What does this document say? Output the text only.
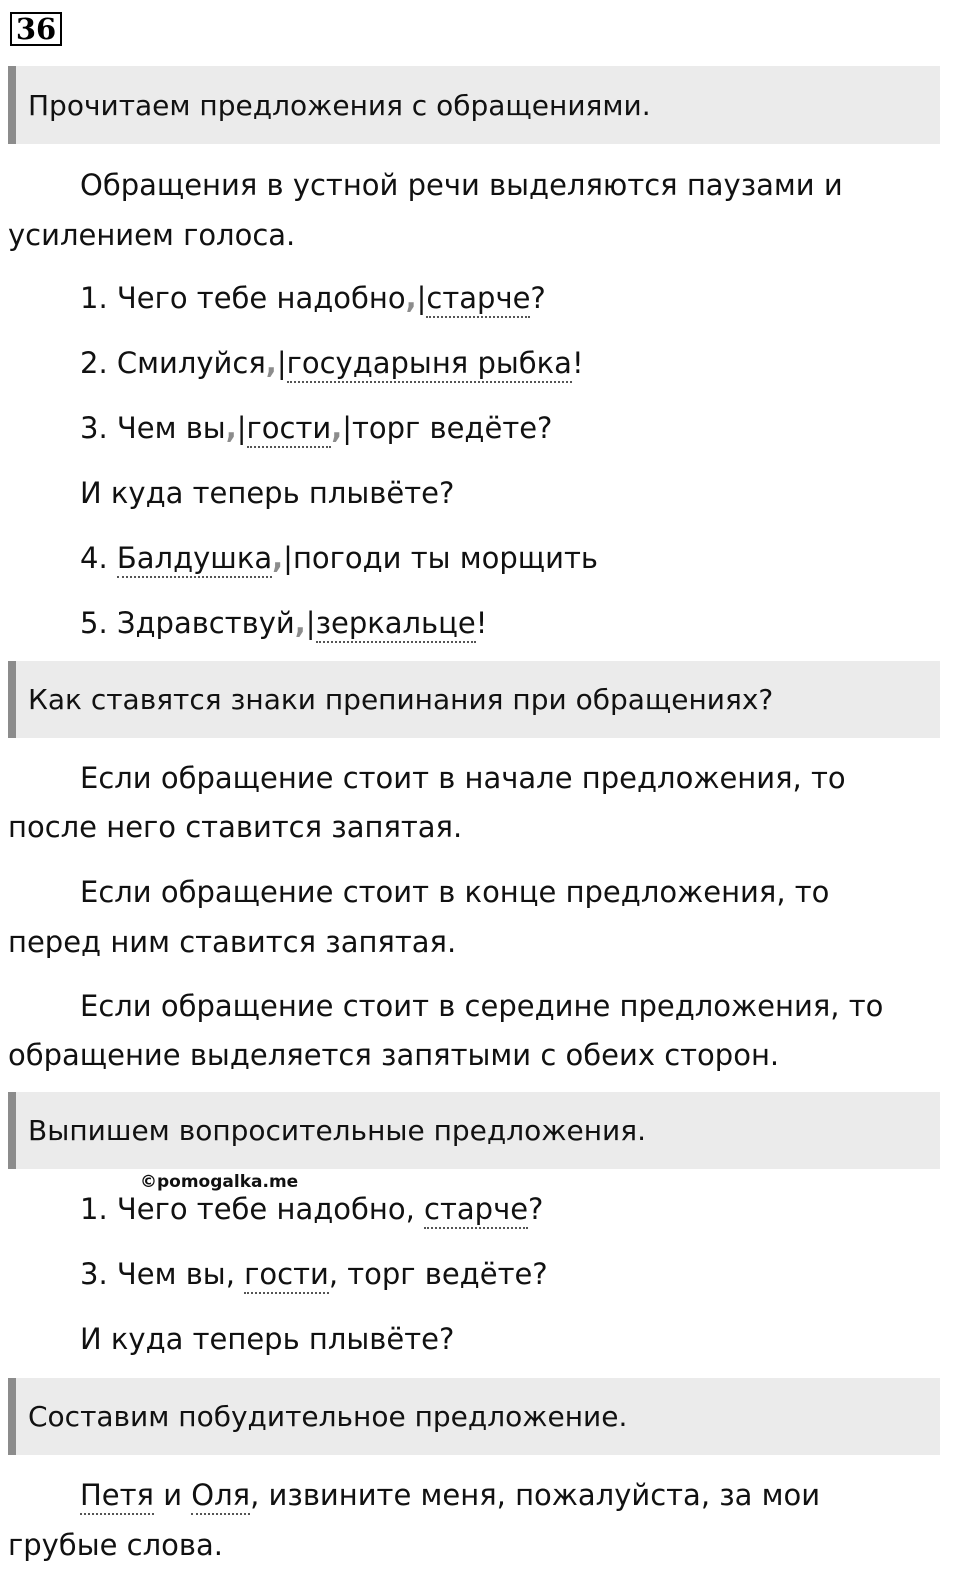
36
Прочитаем предложения с обращениями.
Обращения в устной речи выделяются паузами и
усилением голоса.
1. Чего тебе надобно,|старче?
2. Смилуйся,|государыня рыбка!
3. Чем вы,|гости,|торг ведёте?
И куда теперь плывёте?
4. Балдушка,|погоди ты морщить
5. Здравствуй,|зеркальце!
Как ставятся знаки препинания при обращениях?
Если обращение стоит в начале предложения, то
после него ставится запятая.
Если обращение стоит в конце предложения, то
перед ним ставится запятая.
Если обращение стоит в середине предложения, то
обращение выделяется запятыми с обеих сторон.
Выпишем вопросительные предложения.
©pomogalka.me
1. Чего тебе надобно, старче?
3. Чем вы, гости, торг ведёте?
И куда теперь плывёте?
Составим побудительное предложение.
Петя и Оля, извините меня, пожалуйста, за мои
грубые слова.
